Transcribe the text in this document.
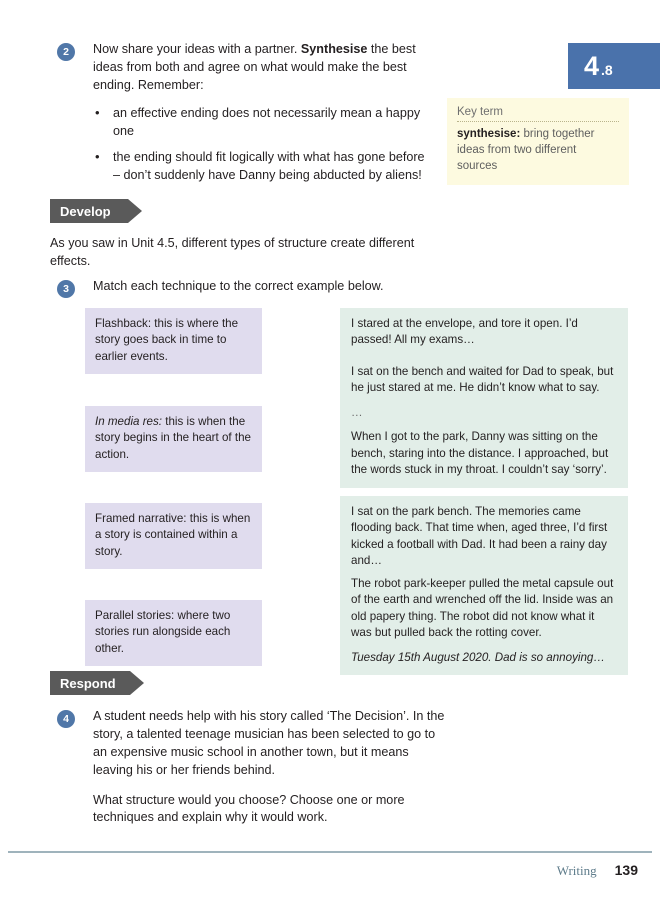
4 .8
Key term
synthesise: bring together ideas from two different sources
2	Now share your ideas with a partner. Synthesise the best ideas from both and agree on what would make the best ending. Remember:
• an effective ending does not necessarily mean a happy one
• the ending should fit logically with what has gone before – don’t suddenly have Danny being abducted by aliens!
Develop
As you saw in Unit 4.5, different types of structure create different effects.
3	Match each technique to the correct example below.
Flashback: this is where the story goes back in time to earlier events.
In media res: this is when the story begins in the heart of the action.
Framed narrative: this is when a story is contained within a story.
Parallel stories: where two stories run alongside each other.

I stared at the envelope, and tore it open. I’d passed! All my exams…

I sat on the bench and waited for Dad to speak, but he just stared at me. He didn’t know what to say.

…

When I got to the park, Danny was sitting on the bench, staring into the distance. I approached, but the words stuck in my throat. I couldn’t say ‘sorry’.

I sat on the park bench. The memories came flooding back. That time when, aged three, I’d first kicked a football with Dad. It had been a rainy day and…

The robot park-keeper pulled the metal capsule out of the earth and wrenched off the lid. Inside was an old papery thing. The robot did not know what it was but pulled back the rotting cover.

Tuesday 15th August 2020. Dad is so annoying…

Respond
4	A student needs help with his story called ‘The Decision’. In the story, a talented teenage musician has been selected to go to an expensive music school in another town, but it means leaving his or her friends behind.
What structure would you choose? Choose one or more techniques and explain why it would work.
Writing 139
